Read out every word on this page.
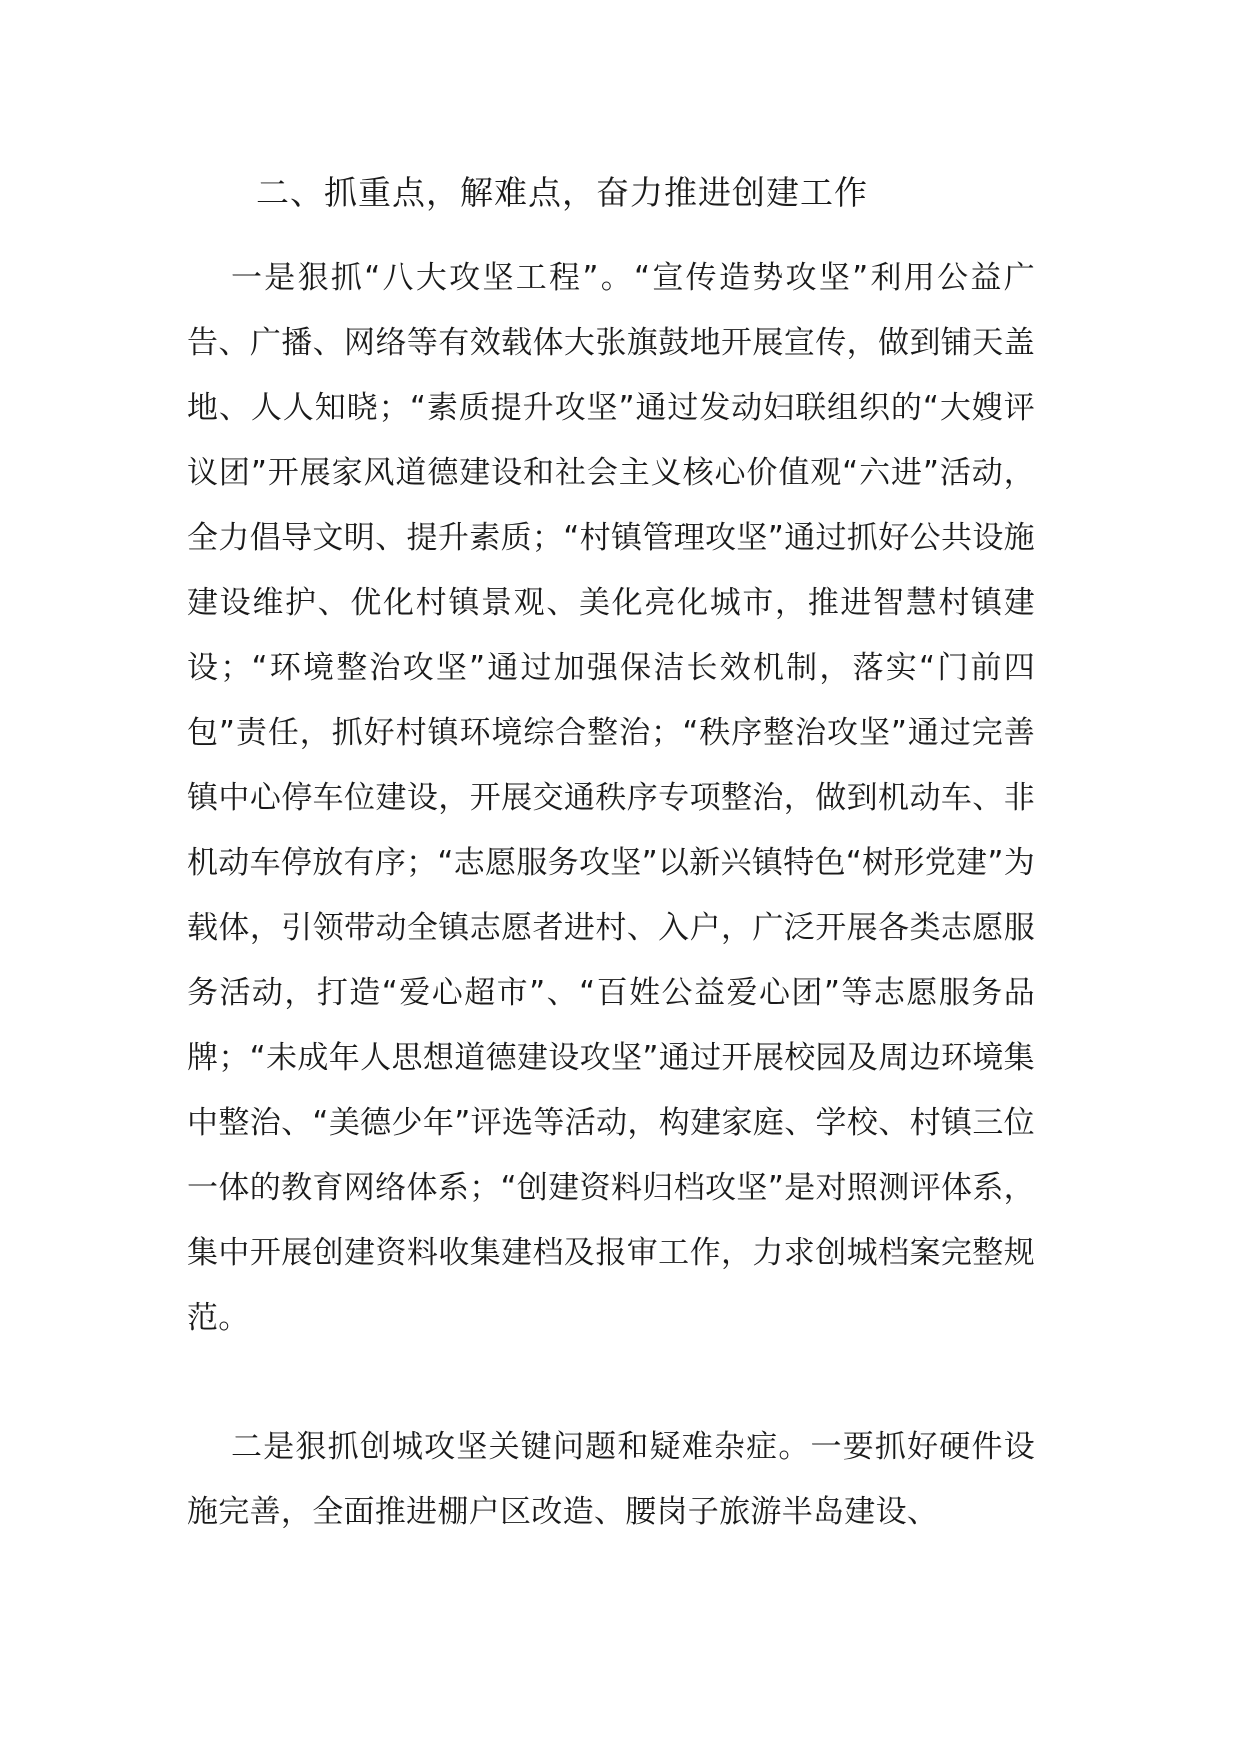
二、抓重点，解难点，奋力推进创建工作

一是狠抓“八大攻坚工程”。“宣传造势攻坚”利用公益广告、广播、网络等有效载体大张旗鼓地开展宣传，做到铺天盖地、人人知晓；“素质提升攻坚”通过发动妇联组织的“大嫂评议团”开展家风道德建设和社会主义核心价值观“六进”活动，全力倡导文明、提升素质；“村镇管理攻坚”通过抓好公共设施建设维护、优化村镇景观、美化亮化城市，推进智慧村镇建设；“环境整治攻坚”通过加强保洁长效机制，落实“门前四包”责任，抓好村镇环境综合整治；“秩序整治攻坚”通过完善镇中心停车位建设，开展交通秩序专项整治，做到机动车、非机动车停放有序；“志愿服务攻坚”以新兴镇特色“树形党建”为载体，引领带动全镇志愿者进村、入户，广泛开展各类志愿服务活动，打造“爱心超市”、“百姓公益爱心团”等志愿服务品牌；“未成年人思想道德建设攻坚”通过开展校园及周边环境集中整治、“美德少年”评选等活动，构建家庭、学校、村镇三位一体的教育网络体系；“创建资料归档攻坚”是对照测评体系，集中开展创建资料收集建档及报审工作，力求创城档案完整规范。

二是狠抓创城攻坚关键问题和疑难杂症。一要抓好硬件设施完善，全面推进棚户区改造、腰岗子旅游半岛建设、
